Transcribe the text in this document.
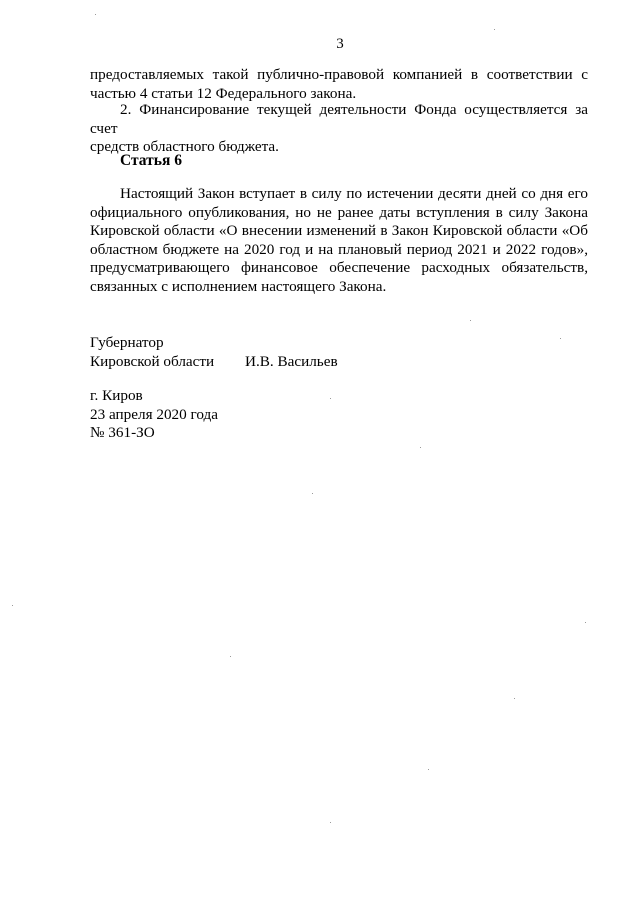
3
предоставляемых такой публично-правовой компанией в соответствии с
частью 4 статьи 12 Федерального закона.
2. Финансирование текущей деятельности Фонда осуществляется за счет
средств областного бюджета.
Статья 6
Настоящий Закон вступает в силу по истечении десяти дней со дня его
официального опубликования, но не ранее даты вступления в силу Закона
Кировской области «О внесении изменений в Закон Кировской области «Об
областном бюджете на 2020 год и на плановый период 2021 и 2022 годов»,
предусматривающего финансовое обеспечение расходных обязательств,
связанных с исполнением настоящего Закона.
Губернатор
Кировской области	И.В. Васильев
г. Киров
23 апреля 2020 года
№ 361-ЗО
